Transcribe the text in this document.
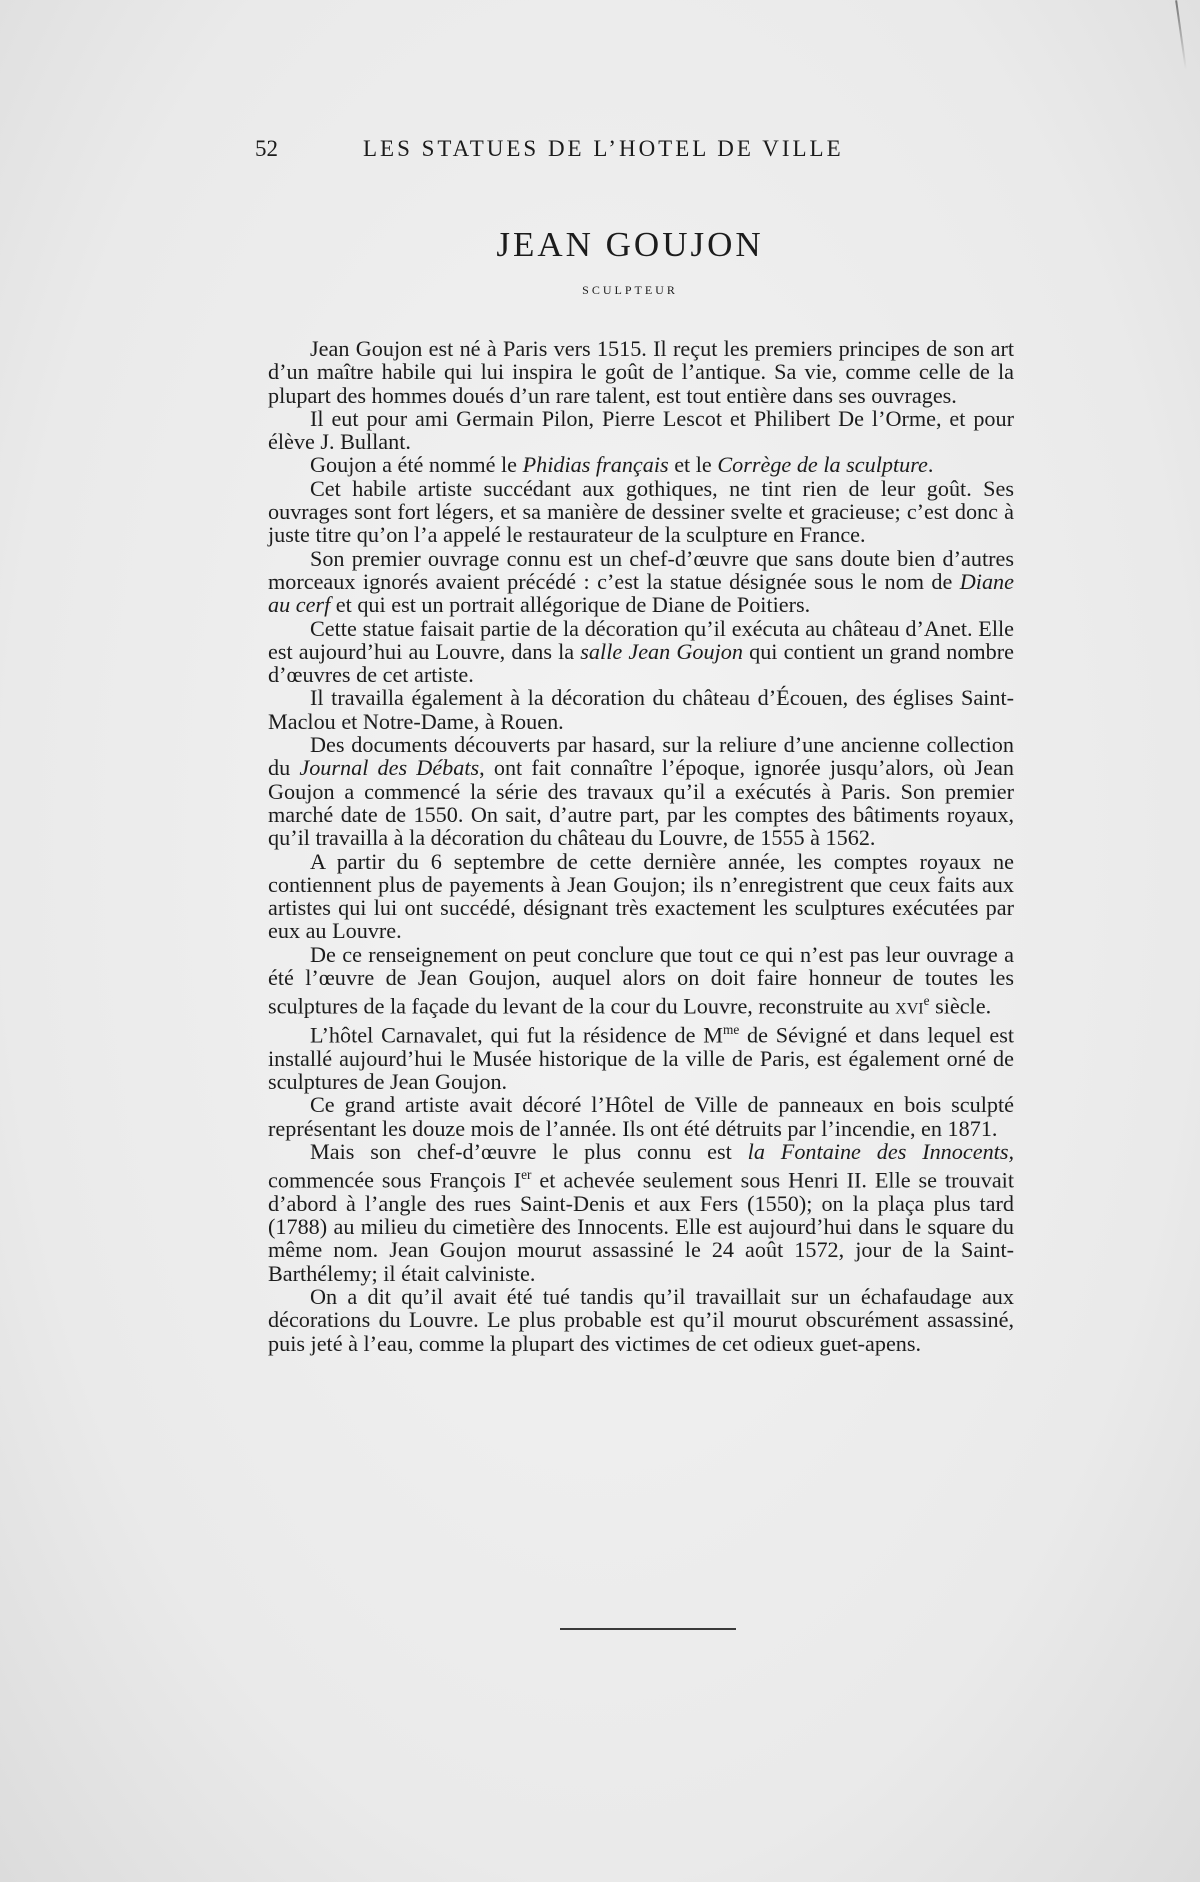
52	LES STATUES DE L’HOTEL DE VILLE
JEAN GOUJON
SCULPTEUR

Jean Goujon est né à Paris vers 1515. Il reçut les premiers principes de son art d’un maître habile qui lui inspira le goût de l’antique. Sa vie, comme celle de la plupart des hommes doués d’un rare talent, est tout entière dans ses ouvrages.

Il eut pour ami Germain Pilon, Pierre Lescot et Philibert De l’Orme, et pour élève J. Bullant.

Goujon a été nommé le Phidias français et le Corrège de la sculpture.

Cet habile artiste succédant aux gothiques, ne tint rien de leur goût. Ses ouvrages sont fort légers, et sa manière de dessiner svelte et gracieuse; c’est donc à juste titre qu’on l’a appelé le restaurateur de la sculpture en France.

Son premier ouvrage connu est un chef-d’œuvre que sans doute bien d’autres morceaux ignorés avaient précédé : c’est la statue désignée sous le nom de Diane au cerf et qui est un portrait allégorique de Diane de Poitiers.

Cette statue faisait partie de la décoration qu’il exécuta au château d’Anet. Elle est aujourd’hui au Louvre, dans la salle Jean Goujon qui contient un grand nombre d’œuvres de cet artiste.

Il travailla également à la décoration du château d’Écouen, des églises Saint-Maclou et Notre-Dame, à Rouen.

Des documents découverts par hasard, sur la reliure d’une ancienne collection du Journal des Débats, ont fait connaître l’époque, ignorée jusqu’alors, où Jean Goujon a commencé la série des travaux qu’il a exécutés à Paris. Son premier marché date de 1550. On sait, d’autre part, par les comptes des bâtiments royaux, qu’il travailla à la décoration du château du Louvre, de 1555 à 1562.

A partir du 6 septembre de cette dernière année, les comptes royaux ne contiennent plus de payements à Jean Goujon; ils n’enregistrent que ceux faits aux artistes qui lui ont succédé, désignant très exactement les sculptures exécutées par eux au Louvre.

De ce renseignement on peut conclure que tout ce qui n’est pas leur ouvrage a été l’œuvre de Jean Goujon, auquel alors on doit faire honneur de toutes les sculptures de la façade du levant de la cour du Louvre, reconstruite au xvi$^e$ siècle.

L’hôtel Carnavalet, qui fut la résidence de $M^{me}$ de Sévigné et dans lequel est installé aujourd’hui le Musée historique de la ville de Paris, est également orné de sculptures de Jean Goujon.

Ce grand artiste avait décoré l’Hôtel de Ville de panneaux en bois sculpté représentant les douze mois de l’année. Ils ont été détruits par l’incendie, en 1871.

Mais son chef-d’œuvre le plus connu est la Fontaine des Innocents, commencée sous François Ier et achevée seulement sous Henri II. Elle se trouvait d’abord à l’angle des rues Saint-Denis et aux Fers (1550); on la plaça plus tard (1788) au milieu du cimetière des Innocents. Elle est aujourd’hui dans le square du même nom. Jean Goujon mourut assassiné le 24 août 1572, jour de la Saint-Barthélemy; il était calviniste.

On a dit qu’il avait été tué tandis qu’il travaillait sur un échafaudage aux décorations du Louvre. Le plus probable est qu’il mourut obscurément assassiné, puis jeté à l’eau, comme la plupart des victimes de cet odieux guet-apens.
